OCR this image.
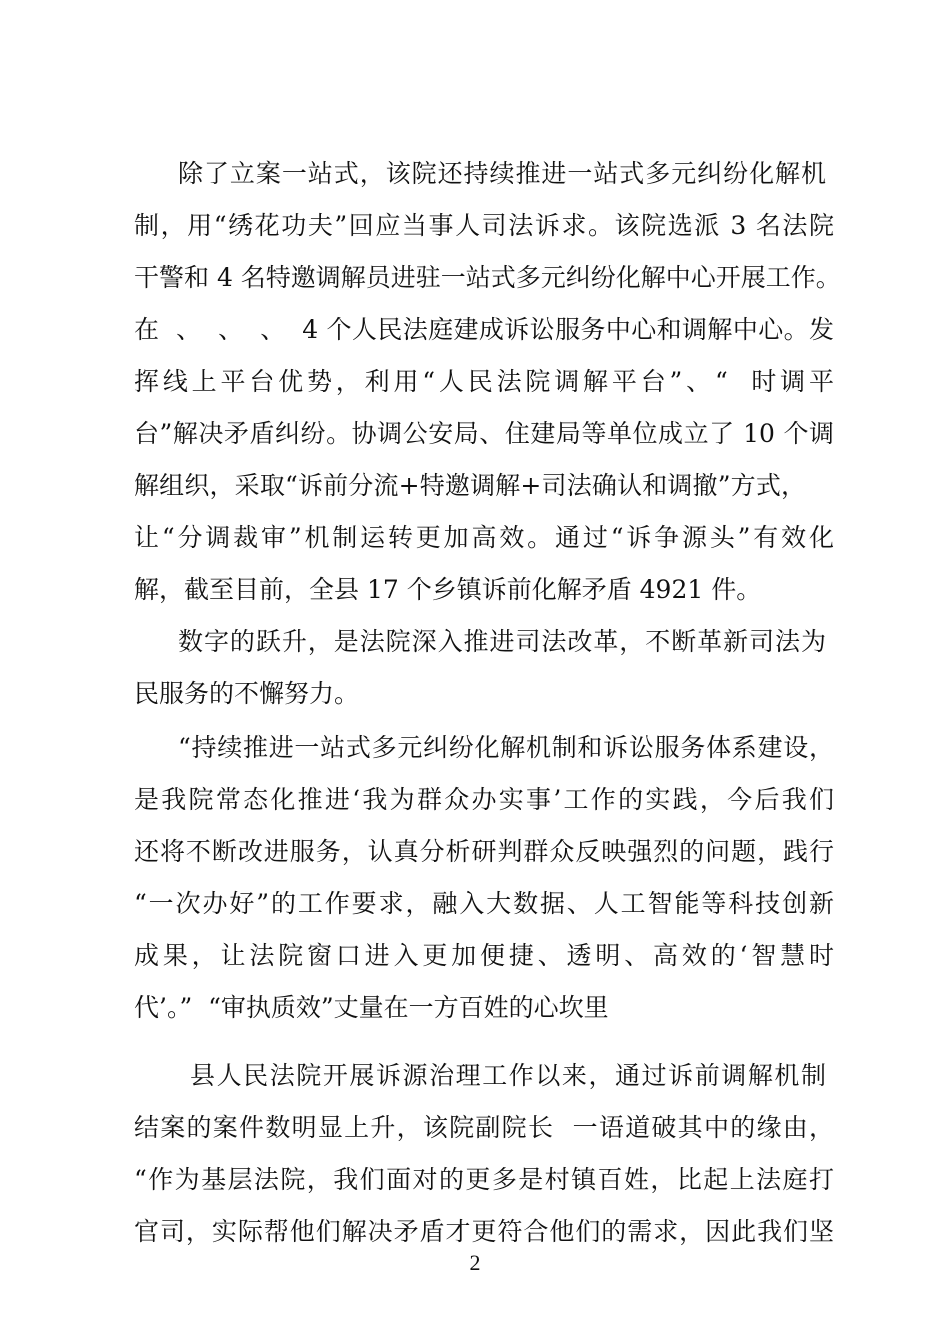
除了立案一站式，该院还持续推进一站式多元纠纷化解机
制，用“绣花功夫”回应当事人司法诉求。该院选派 3 名法院
干警和 4 名特邀调解员进驻一站式多元纠纷化解中心开展工作。
在  、  、  、  4 个人民法庭建成诉讼服务中心和调解中心。发
挥线上平台优势，利用“人民法院调解平台”、“  时调平
台”解决矛盾纠纷。协调公安局、住建局等单位成立了 10 个调
解组织，采取“诉前分流+特邀调解+司法确认和调撤”方式，
让“分调裁审”机制运转更加高效。通过“诉争源头”有效化
解，截至目前，全县 17 个乡镇诉前化解矛盾 4921 件。
数字的跃升，是法院深入推进司法改革，不断革新司法为
民服务的不懈努力。
“持续推进一站式多元纠纷化解机制和诉讼服务体系建设，
是我院常态化推进‘我为群众办实事’工作的实践，今后我们
还将不断改进服务，认真分析研判群众反映强烈的问题，践行
“一次办好”的工作要求，融入大数据、人工智能等科技创新
成果，让法院窗口进入更加便捷、透明、高效的‘智慧时
代’。”  “审执质效”丈量在一方百姓的心坎里
县人民法院开展诉源治理工作以来，通过诉前调解机制
结案的案件数明显上升，该院副院长  一语道破其中的缘由，
“作为基层法院，我们面对的更多是村镇百姓，比起上法庭打
官司，实际帮他们解决矛盾才更符合他们的需求，因此我们坚
2
